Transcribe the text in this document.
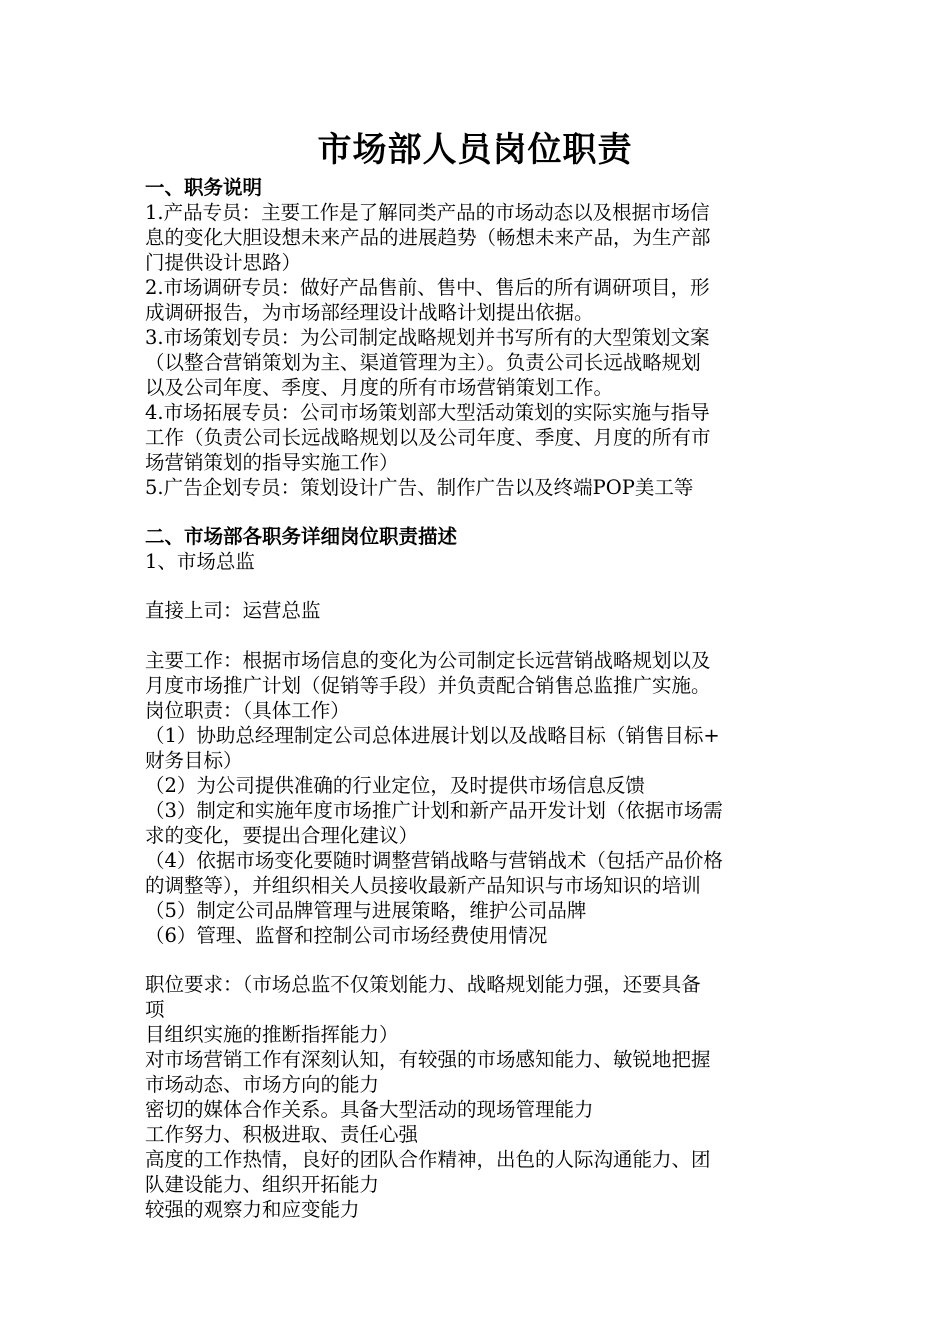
市场部人员岗位职责
一、职务说明
1.产品专员：主要工作是了解同类产品的市场动态以及根据市场信
息的变化大胆设想未来产品的进展趋势（畅想未来产品，为生产部
门提供设计思路）
2.市场调研专员：做好产品售前、售中、售后的所有调研项目，形
成调研报告，为市场部经理设计战略计划提出依据。
3.市场策划专员：为公司制定战略规划并书写所有的大型策划文案
（以整合营销策划为主、渠道管理为主）。负责公司长远战略规划
以及公司年度、季度、月度的所有市场营销策划工作。
4.市场拓展专员：公司市场策划部大型活动策划的实际实施与指导
工作（负责公司长远战略规划以及公司年度、季度、月度的所有市
场营销策划的指导实施工作）
5.广告企划专员：策划设计广告、制作广告以及终端POP美工等
二、市场部各职务详细岗位职责描述
1、市场总监
直接上司：运营总监
主要工作：根据市场信息的变化为公司制定长远营销战略规划以及
月度市场推广计划（促销等手段）并负责配合销售总监推广实施。
岗位职责：（具体工作）
（1）协助总经理制定公司总体进展计划以及战略目标（销售目标+
财务目标）
（2）为公司提供准确的行业定位，及时提供市场信息反馈
（3）制定和实施年度市场推广计划和新产品开发计划（依据市场需
求的变化，要提出合理化建议）
（4）依据市场变化要随时调整营销战略与营销战术（包括产品价格
的调整等），并组织相关人员接收最新产品知识与市场知识的培训
（5）制定公司品牌管理与进展策略，维护公司品牌
（6）管理、监督和控制公司市场经费使用情况
职位要求：（市场总监不仅策划能力、战略规划能力强，还要具备
项
目组织实施的推断指挥能力）
对市场营销工作有深刻认知，有较强的市场感知能力、敏锐地把握
市场动态、市场方向的能力
密切的媒体合作关系。具备大型活动的现场管理能力
工作努力、积极进取、责任心强
高度的工作热情，良好的团队合作精神，出色的人际沟通能力、团
队建设能力、组织开拓能力
较强的观察力和应变能力
